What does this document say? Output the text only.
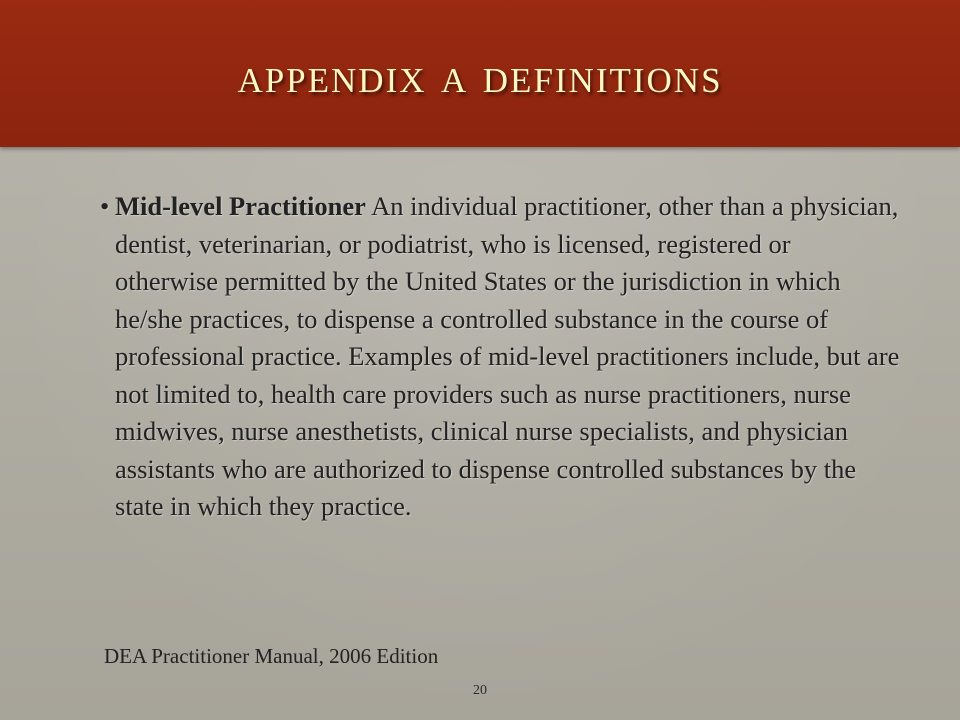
appendix a definitions
• Mid-level Practitioner An individual practitioner, other than a physician, dentist, veterinarian, or podiatrist, who is licensed, registered or otherwise permitted by the United States or the jurisdiction in which he/she practices, to dispense a controlled substance in the course of professional practice. Examples of mid-level practitioners include, but are not limited to, health care providers such as nurse practitioners, nurse midwives, nurse anesthetists, clinical nurse specialists, and physician assistants who are authorized to dispense controlled substances by the state in which they practice.
DEA Practitioner Manual, 2006 Edition
20
